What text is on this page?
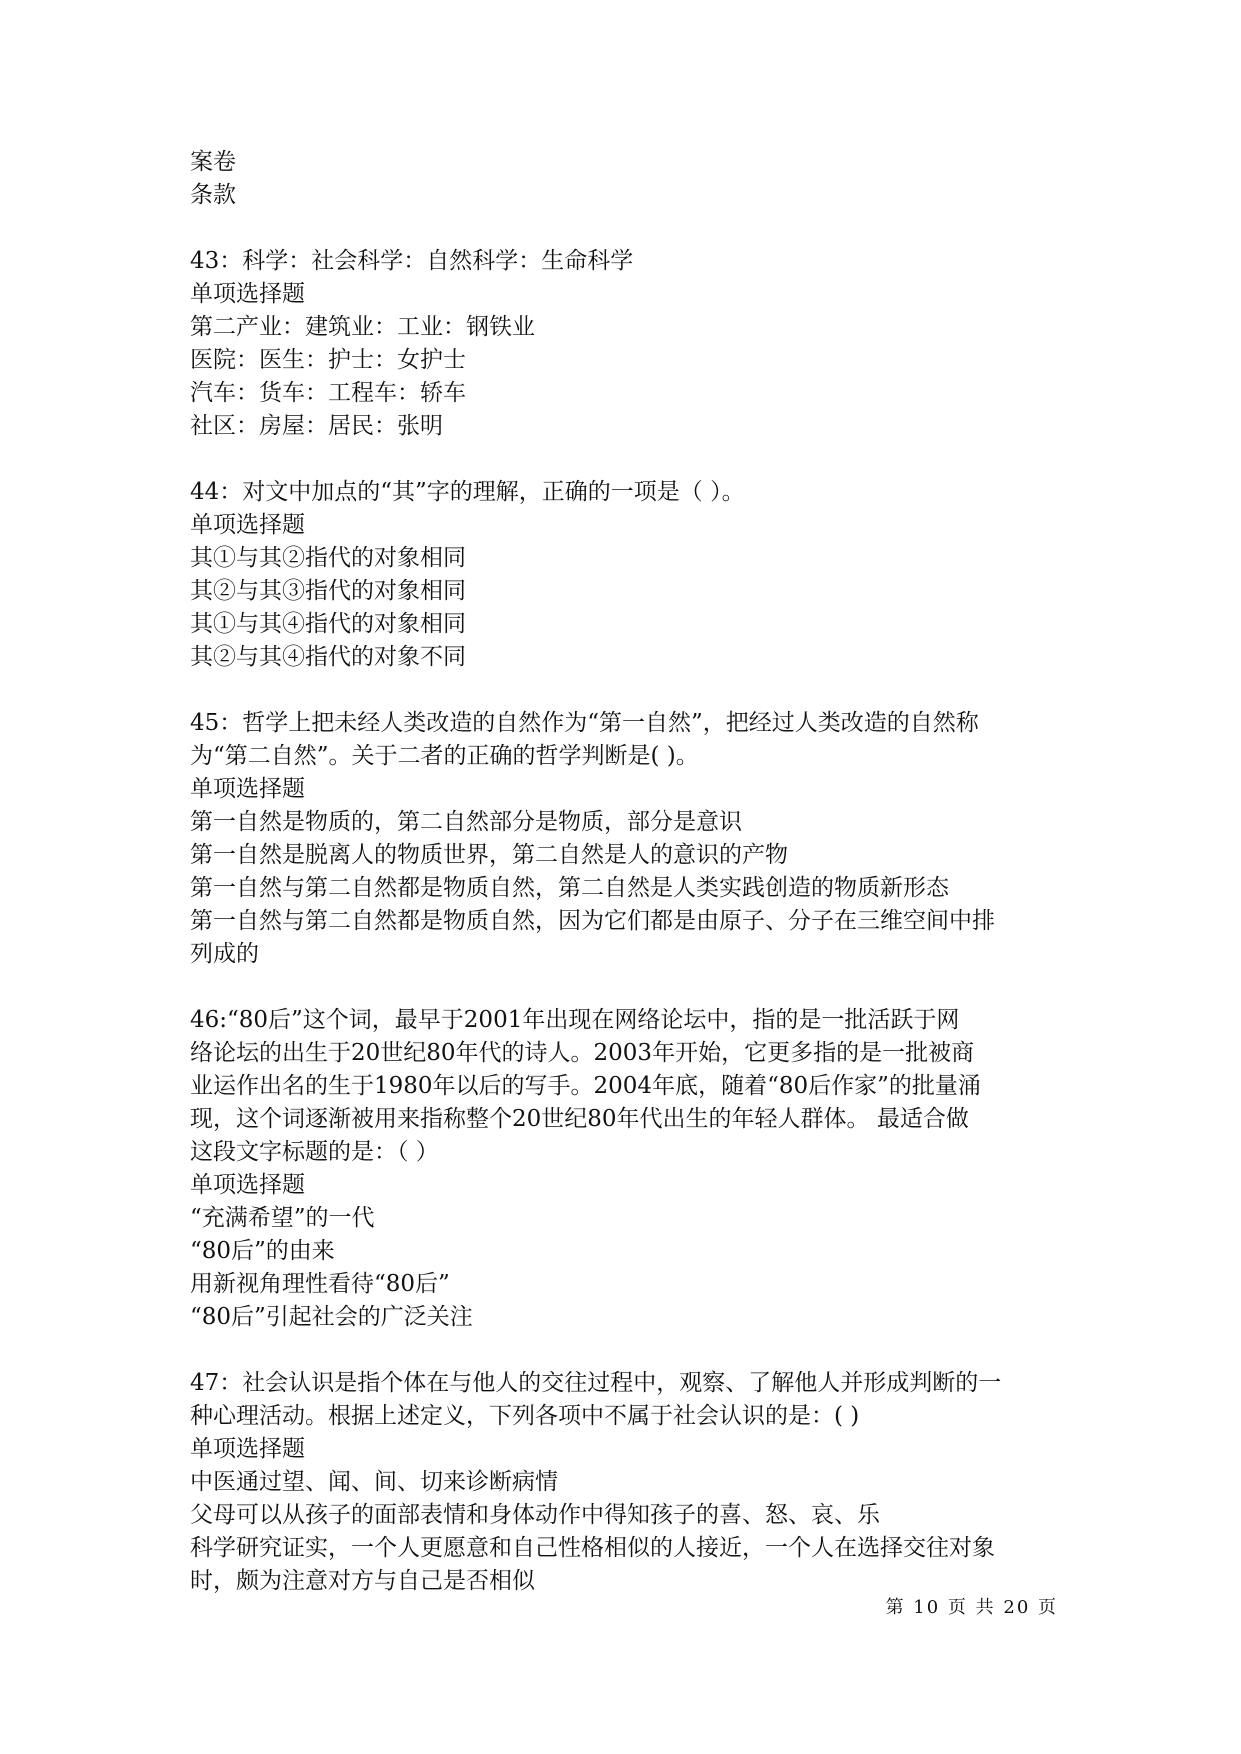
案卷
条款
43：科学：社会科学：自然科学：生命科学
单项选择题
第二产业：建筑业：工业：钢铁业
医院：医生：护士：女护士
汽车：货车：工程车：轿车
社区：房屋：居民：张明
44：对文中加点的“其”字的理解，正确的一项是（ ）。
单项选择题
其①与其②指代的对象相同
其②与其③指代的对象相同
其①与其④指代的对象相同
其②与其④指代的对象不同
45：哲学上把未经人类改造的自然作为“第一自然”，把经过人类改造的自然称
为“第二自然”。关于二者的正确的哲学判断是( )。
单项选择题
第一自然是物质的，第二自然部分是物质，部分是意识
第一自然是脱离人的物质世界，第二自然是人的意识的产物
第一自然与第二自然都是物质自然，第二自然是人类实践创造的物质新形态
第一自然与第二自然都是物质自然，因为它们都是由原子、分子在三维空间中排
列成的
46:“80后”这个词，最早于2001年出现在网络论坛中，指的是一批活跃于网
络论坛的出生于20世纪80年代的诗人。2003年开始，它更多指的是一批被商
业运作出名的生于1980年以后的写手。2004年底，随着“80后作家”的批量涌
现，这个词逐渐被用来指称整个20世纪80年代出生的年轻人群体。 最适合做
这段文字标题的是：（ ）
单项选择题
“充满希望”的一代
“80后”的由来
用新视角理性看待“80后”
“80后”引起社会的广泛关注
47：社会认识是指个体在与他人的交往过程中，观察、了解他人并形成判断的一
种心理活动。根据上述定义，下列各项中不属于社会认识的是：( )
单项选择题
中医通过望、闻、间、切来诊断病情
父母可以从孩子的面部表情和身体动作中得知孩子的喜、怒、哀、乐
科学研究证实，一个人更愿意和自己性格相似的人接近，一个人在选择交往对象
时，颇为注意对方与自己是否相似
第 10 页 共 20 页
